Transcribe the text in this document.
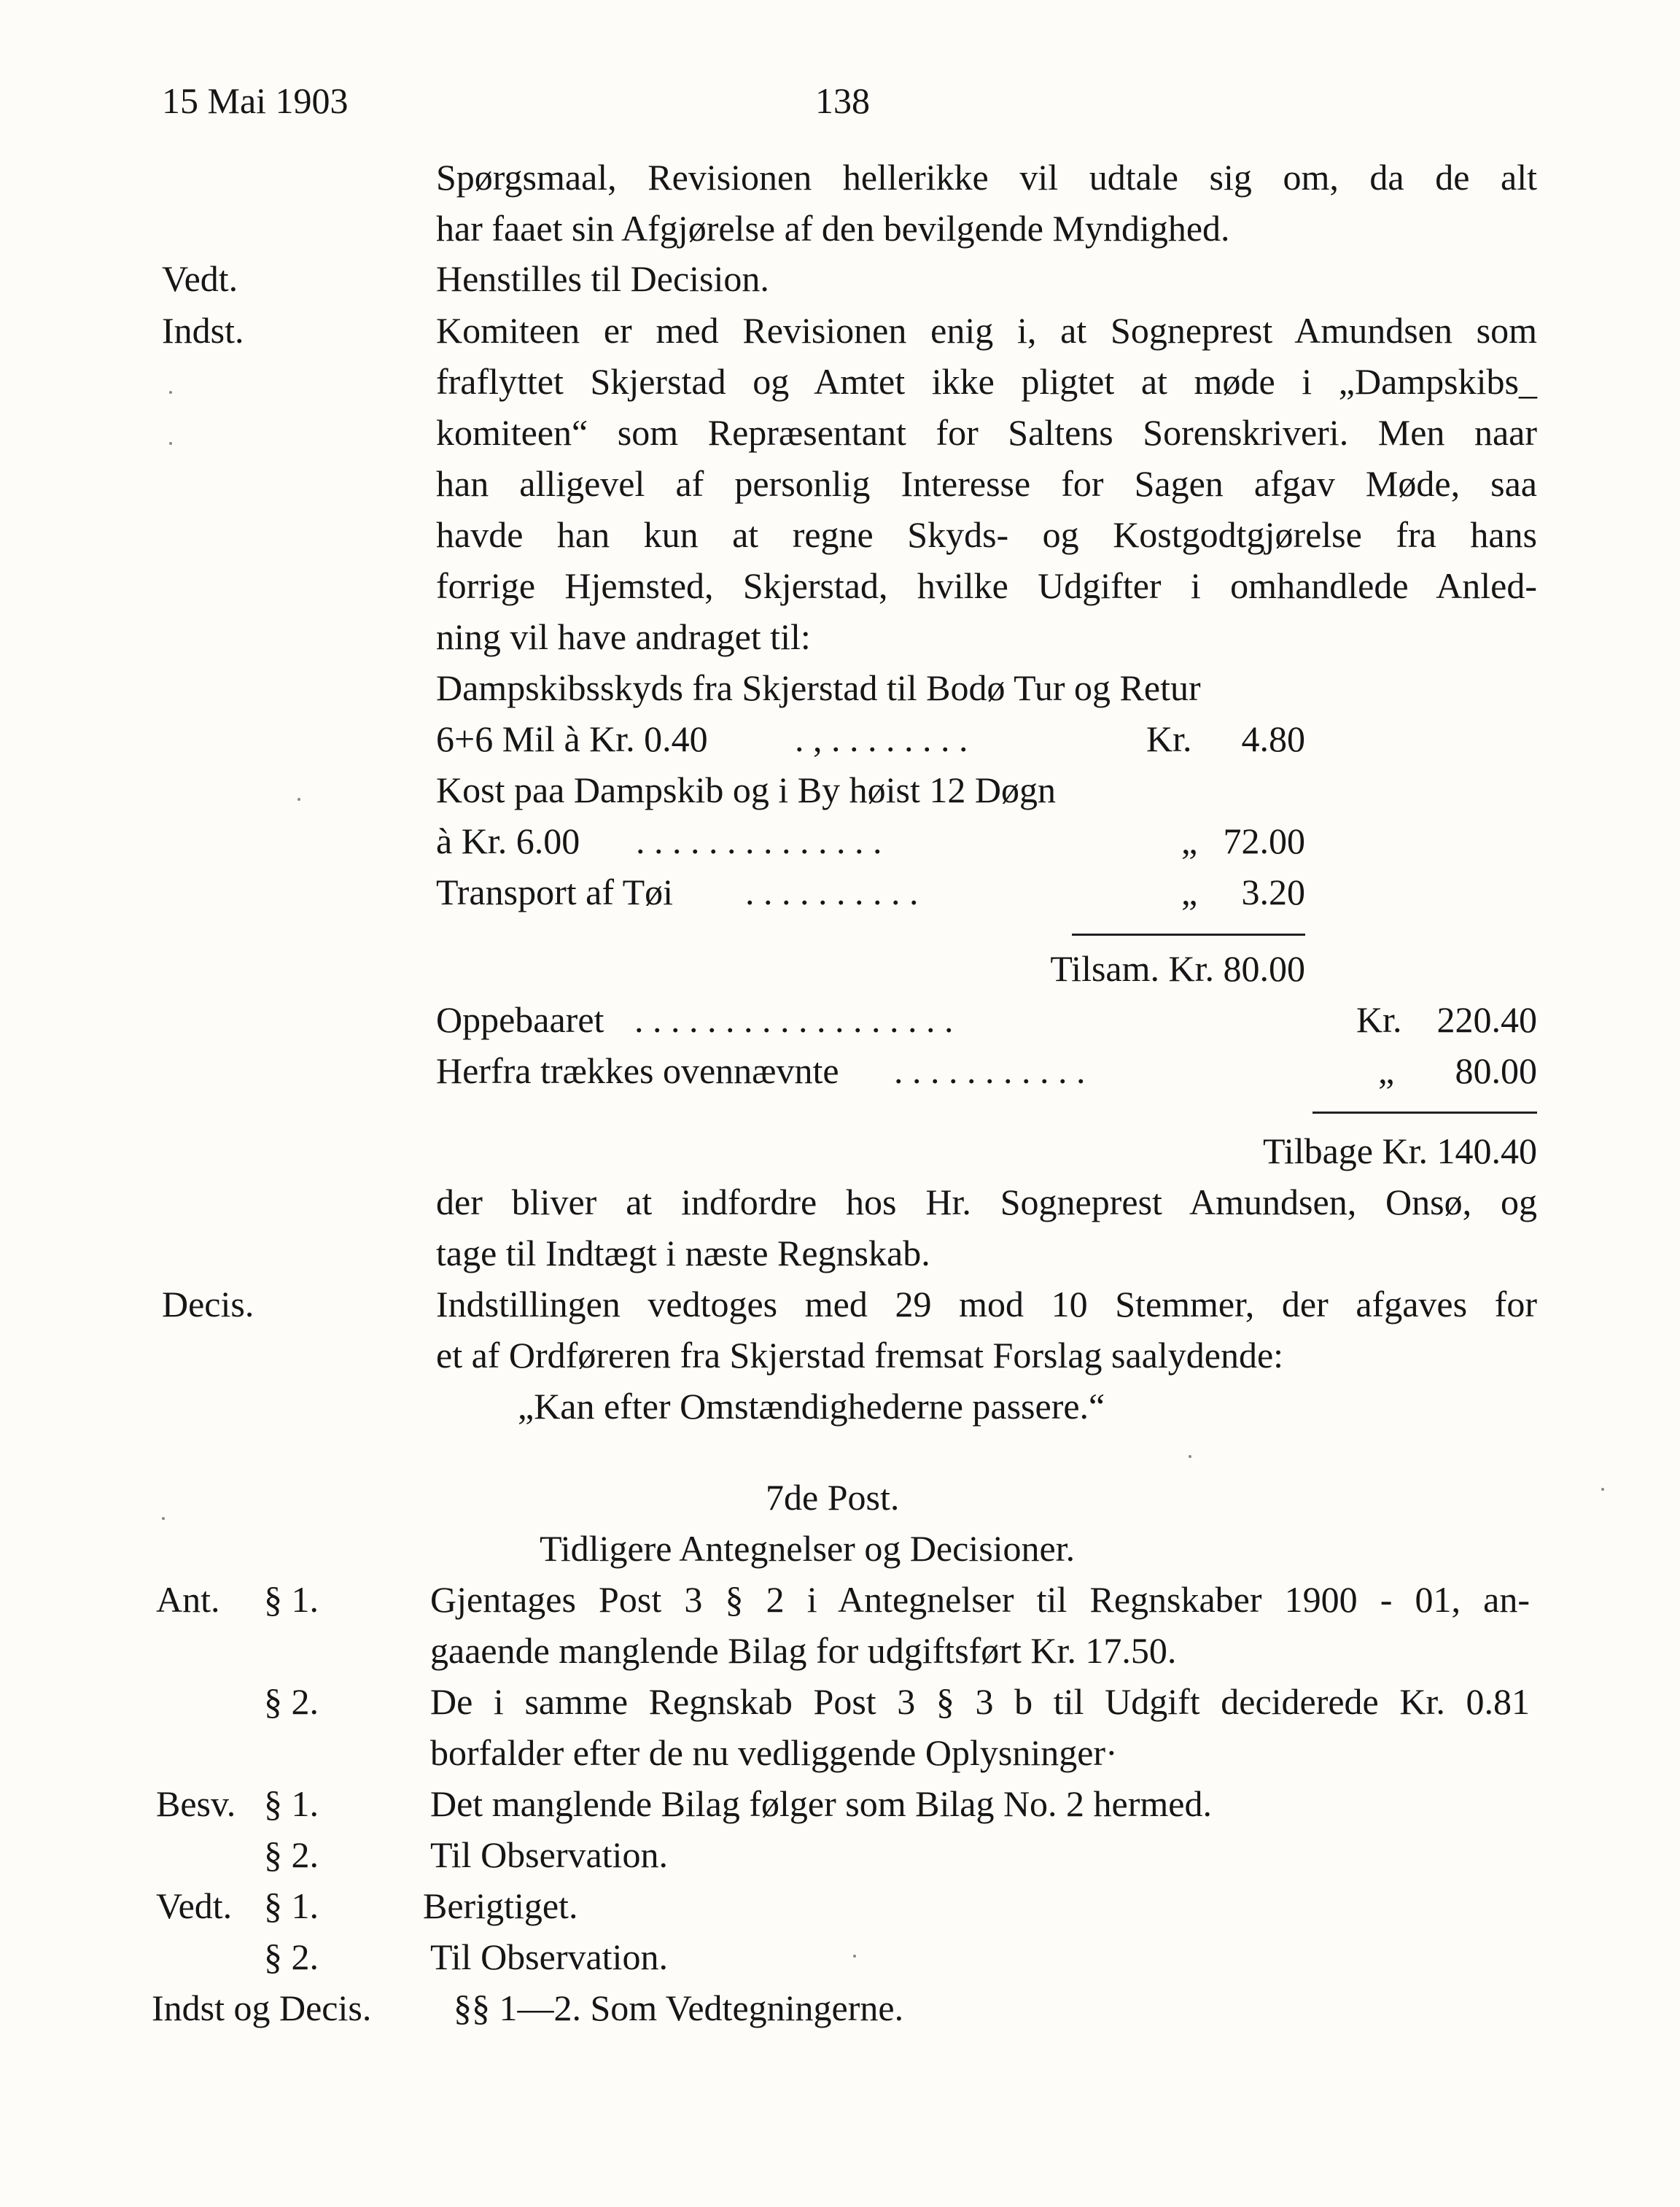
15 Mai 1903	138
Spørgsmaal, Revisionen hellerikke vil udtale sig om, da de alt
har faaet sin Afgjørelse af den bevilgende Myndighed.
Vedt.	Henstilles til Decision.
Indst.	Komiteen er med Revisionen enig i, at Sogneprest Amundsen som
fraflyttet Skjerstad og Amtet ikke pligtet at møde i „Dampskibs_
komiteen“ som Repræsentant for Saltens Sorenskriveri. Men naar
han alligevel af personlig Interesse for Sagen afgav Møde, saa
havde han kun at regne Skyds- og Kostgodtgjørelse fra hans
forrige Hjemsted, Skjerstad, hvilke Udgifter i omhandlede Anled-
ning vil have andraget til:
Dampskibsskyds fra Skjerstad til Bodø Tur og Retur
6+6 Mil à Kr. 0.40 . , . . . . . . . .	Kr.	4.80
Kost paa Dampskib og i By høist 12 Døgn
à Kr. 6.00 . . . . . . . . . . . . . .	„ 72.00
Transport af Tøi . . . . . . . . . .	„	3.20
Tilsam. Kr. 80.00
Oppebaaret . . . . . . . . . . . . . . . . . .	Kr. 220.40
Herfra trækkes ovennævnte . . . . . . . . . . .	„	80.00
Tilbage Kr. 140.40
der bliver at indfordre hos Hr. Sogneprest Amundsen, Onsø, og
tage til Indtægt i næste Regnskab.
Decis.	Indstillingen vedtoges med 29 mod 10 Stemmer, der afgaves for
et af Ordføreren fra Skjerstad fremsat Forslag saalydende:
„Kan efter Omstændighederne passere.“
7de Post.
Tidligere Antegnelser og Decisioner.
Ant. § 1.	Gjentages Post 3 § 2 i Antegnelser til Regnskaber 1900 - 01, an-
gaaende manglende Bilag for udgiftsført Kr. 17.50.
§ 2.	De i samme Regnskab Post 3 § 3 b til Udgift deciderede Kr. 0.81
borfalder efter de nu vedliggende Oplysninger·
Besv. § 1.	Det manglende Bilag følger som Bilag No. 2 hermed.
§ 2.	Til Observation.
Vedt. § 1.	Berigtiget.
§ 2.	Til Observation.
Indst og Decis. §§ 1—2. Som Vedtegningerne.
